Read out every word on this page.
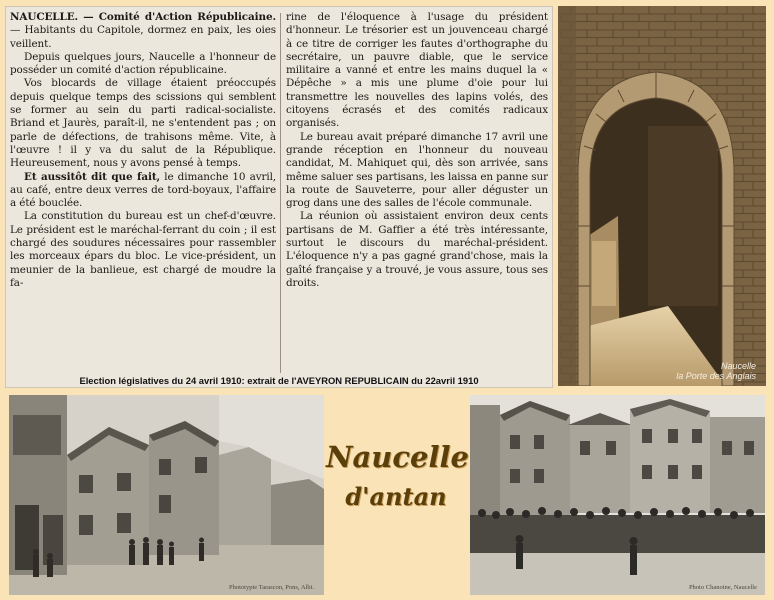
NAUCELLE. — Comité d'Action Républicaine. — Habitants du Capitole, dormez en paix, les oies veillent.

Depuis quelques jours, Naucelle a l'honneur de posséder un comité d'action républicaine.

Vos blocards de village étaient préoccupés depuis quelque temps des scissions qui semblent se former au sein du parti radical-socialiste. Briand et Jaurès, paraît-il, ne s'entendent pas ; on parle de défections, de trahisons même. Vite, à l'œuvre ! il y va du salut de la République. Heureusement, nous y avons pensé à temps.

Et aussitôt dit que fait, le dimanche 10 avril, au café, entre deux verres de tord-boyaux, l'affaire a été bouclée.

La constitution du bureau est un chef-d'œuvre. Le président est le maréchal-ferrant du coin ; il est chargé des soudures nécessaires pour rassembler les morceaux épars du bloc. Le vice-président, un meunier de la banlieue, est chargé de moudre la fa-

rine de l'éloquence à l'usage du président d'honneur. Le trésorier est un jouvenceau chargé à ce titre de corriger les fautes d'orthographe du secrétaire, un pauvre diable, que le service militaire a vanné et entre les mains duquel la « Dépêche » a mis une plume d'oie pour lui transmettre les nouvelles des lapins volés, des citoyens écrasés et des comités radicaux organisés.

Le bureau avait préparé dimanche 17 avril une grande réception en l'honneur du nouveau candidat, M. Mahiquet qui, dès son arrivée, sans même saluer ses partisans, les laissa en panne sur la route de Sauveterre, pour aller déguster un grog dans une des salles de l'école communale.

La réunion où assistaient environ deux cents partisans de M. Gaffier a été très intéressante, surtout le discours du maréchal-président. L'éloquence n'y a pas gagné grand'chose, mais la gaîté française y a trouvé, je vous assure, tous ses droits.

Election législatives du 24 avril 1910: extrait de l'AVEYRON REPUBLICAIN du 22avril 1910
Naucelle
la Porte des Anglais
Phototypie Tarascon, Pons, Albi.
Naucelle
d'antan
Photo Chanoine, Naucelle
